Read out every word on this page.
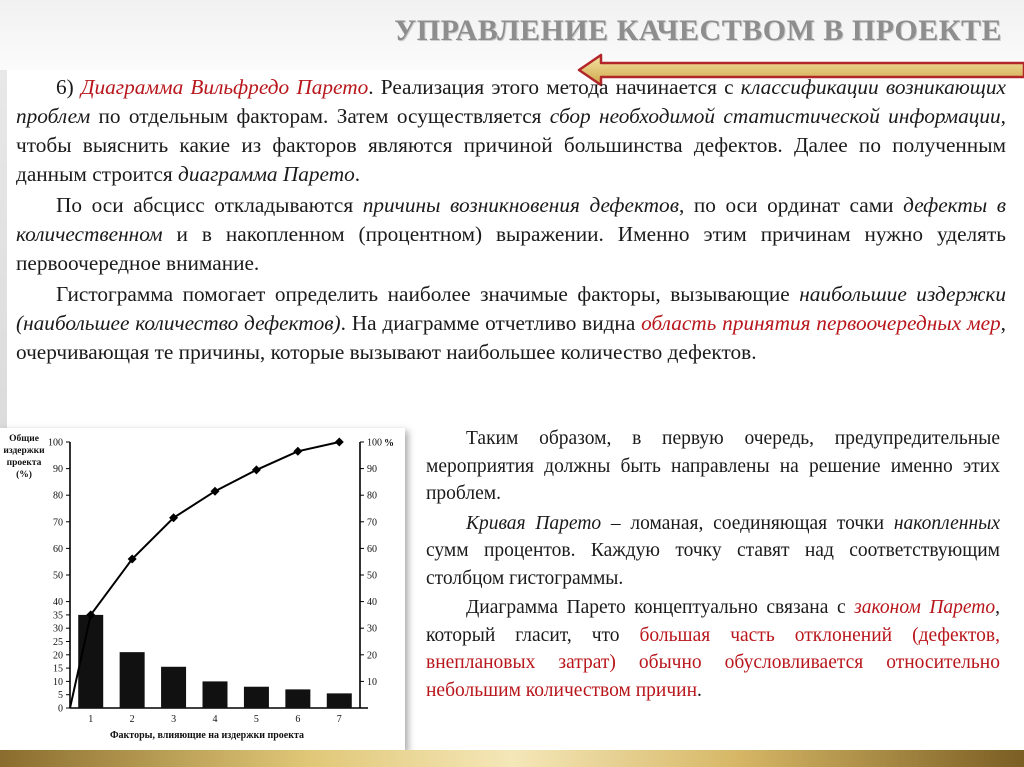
УПРАВЛЕНИЕ КАЧЕСТВОМ В ПРОЕКТЕ

6) Диаграмма Вильфредо Парето. Реализация этого метода начинается с классификации возникающих проблем по отдельным факторам. Затем осуществляется сбор необходимой статистической информации, чтобы выяснить какие из факторов являются причиной большинства дефектов. Далее по полученным данным строится диаграмма Парето.

По оси абсцисс откладываются причины возникновения дефектов, по оси ординат сами дефекты в количественном и в накопленном (процентном) выражении. Именно этим причинам нужно уделять первоочередное внимание.

Гистограмма помогает определить наиболее значимые факторы, вызывающие наибольшие издержки (наибольшее количество дефектов). На диаграмме отчетливо видна область принятия первоочередных мер, очерчивающая те причины, которые вызывают наибольшее количество дефектов.

0
5
10
15
20
25
30
35
40
50
60
70
80
90
100
10
20
30
40
50
60
70
80
90
100 %
Общие
издержки
проекта
(%)
1	2	3	4	5	6	7
Факторы, влияющие на издержки проекта

Таким образом, в первую очередь, предупредительные мероприятия должны быть направлены на решение именно этих проблем.

Кривая Парето – ломаная, соединяющая точки накопленных сумм процентов. Каждую точку ставят над соответствующим столбцом гистограммы.

Диаграмма Парето концептуально связана с законом Парето, который гласит, что большая часть отклонений (дефектов, внеплановых затрат) обычно обусловливается относительно небольшим количеством причин.
